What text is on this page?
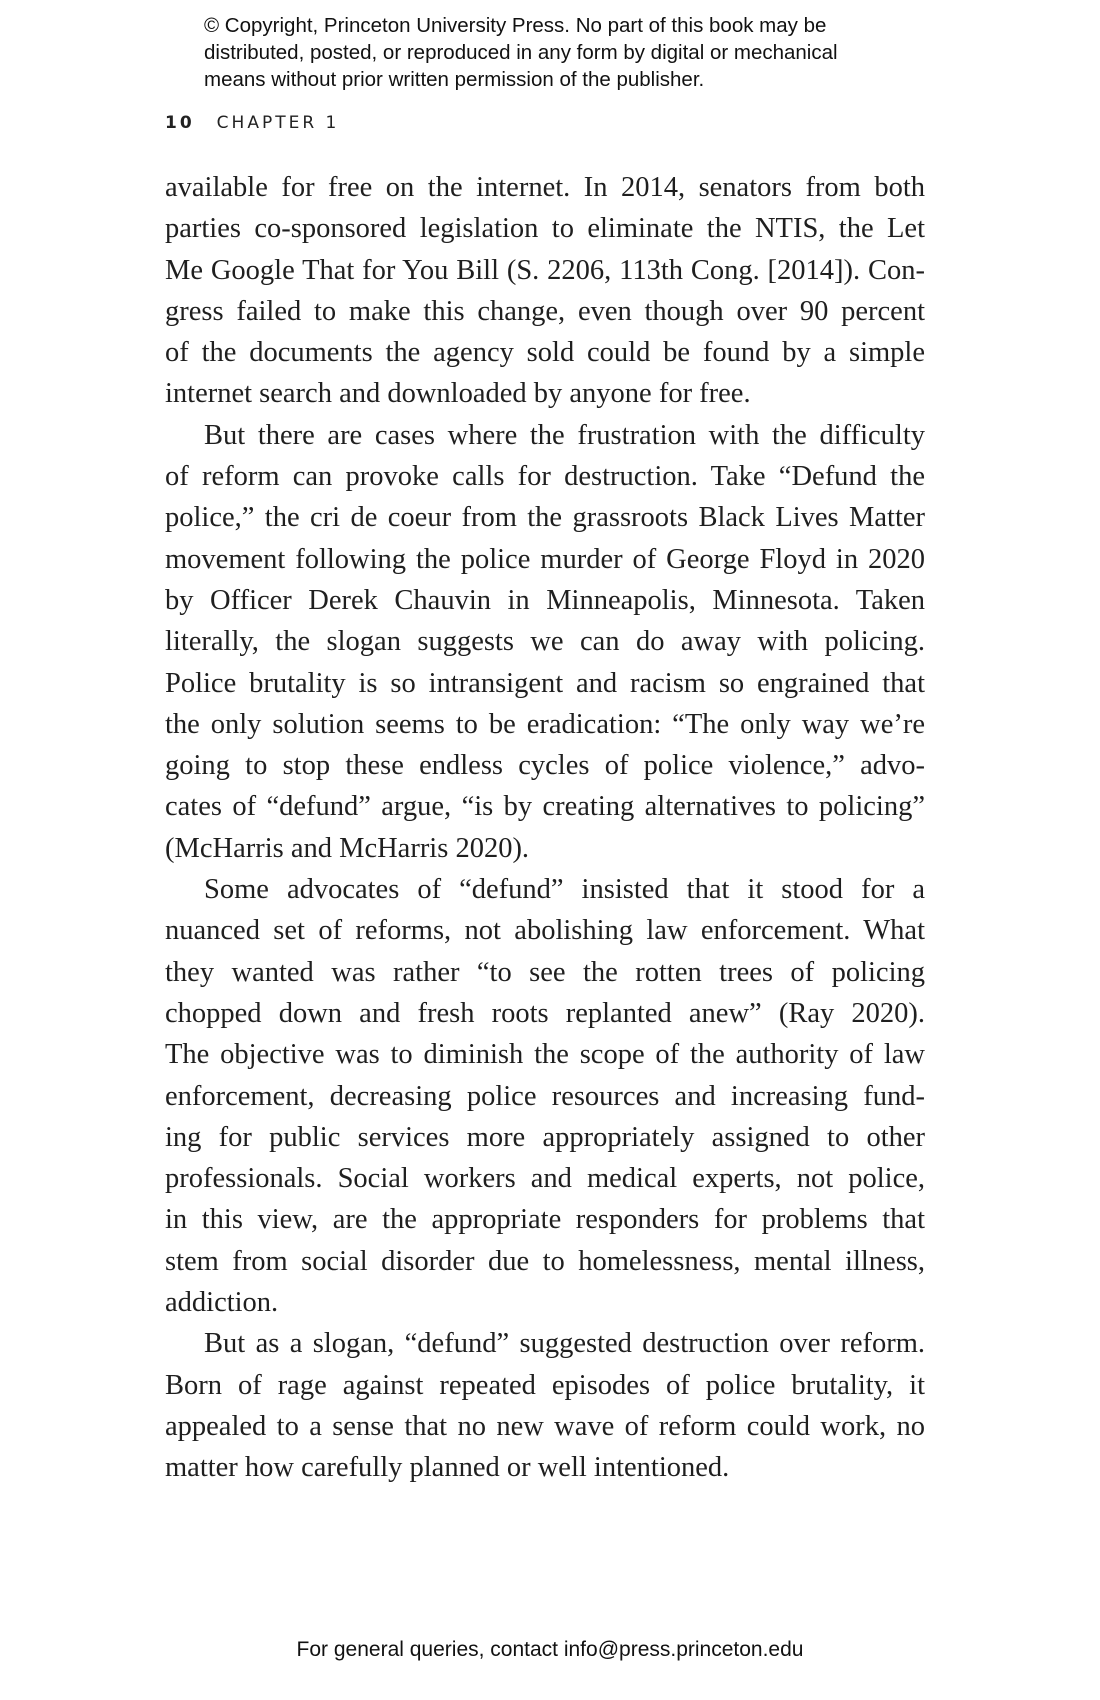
© Copyright, Princeton University Press. No part of this book may be
distributed, posted, or reproduced in any form by digital or mechanical
means without prior written permission of the publisher.
10 CHAPTER 1
available for free on the internet. In 2014, senators from both
parties co-sponsored legislation to eliminate the NTIS, the Let
Me Google That for You Bill (S. 2206, 113th Cong. [2014]). Con-
gress failed to make this change, even though over 90 percent
of the documents the agency sold could be found by a simple
internet search and downloaded by anyone for free.
But there are cases where the frustration with the difficulty
of reform can provoke calls for destruction. Take “Defund the
police,” the cri de coeur from the grassroots Black Lives Matter
movement following the police murder of George Floyd in 2020
by Officer Derek Chauvin in Minneapolis, Minnesota. Taken
literally, the slogan suggests we can do away with policing.
Police brutality is so intransigent and racism so engrained that
the only solution seems to be eradication: “The only way we’re
going to stop these endless cycles of police violence,” advo-
cates of “defund” argue, “is by creating alternatives to policing”
(McHarris and McHarris 2020).
Some advocates of “defund” insisted that it stood for a
nuanced set of reforms, not abolishing law enforcement. What
they wanted was rather “to see the rotten trees of policing
chopped down and fresh roots replanted anew” (Ray 2020).
The objective was to diminish the scope of the authority of law
enforcement, decreasing police resources and increasing fund-
ing for public services more appropriately assigned to other
professionals. Social workers and medical experts, not police,
in this view, are the appropriate responders for problems that
stem from social disorder due to homelessness, mental illness,
addiction.
But as a slogan, “defund” suggested destruction over reform.
Born of rage against repeated episodes of police brutality, it
appealed to a sense that no new wave of reform could work, no
matter how carefully planned or well intentioned.
For general queries, contact info@press.princeton.edu
